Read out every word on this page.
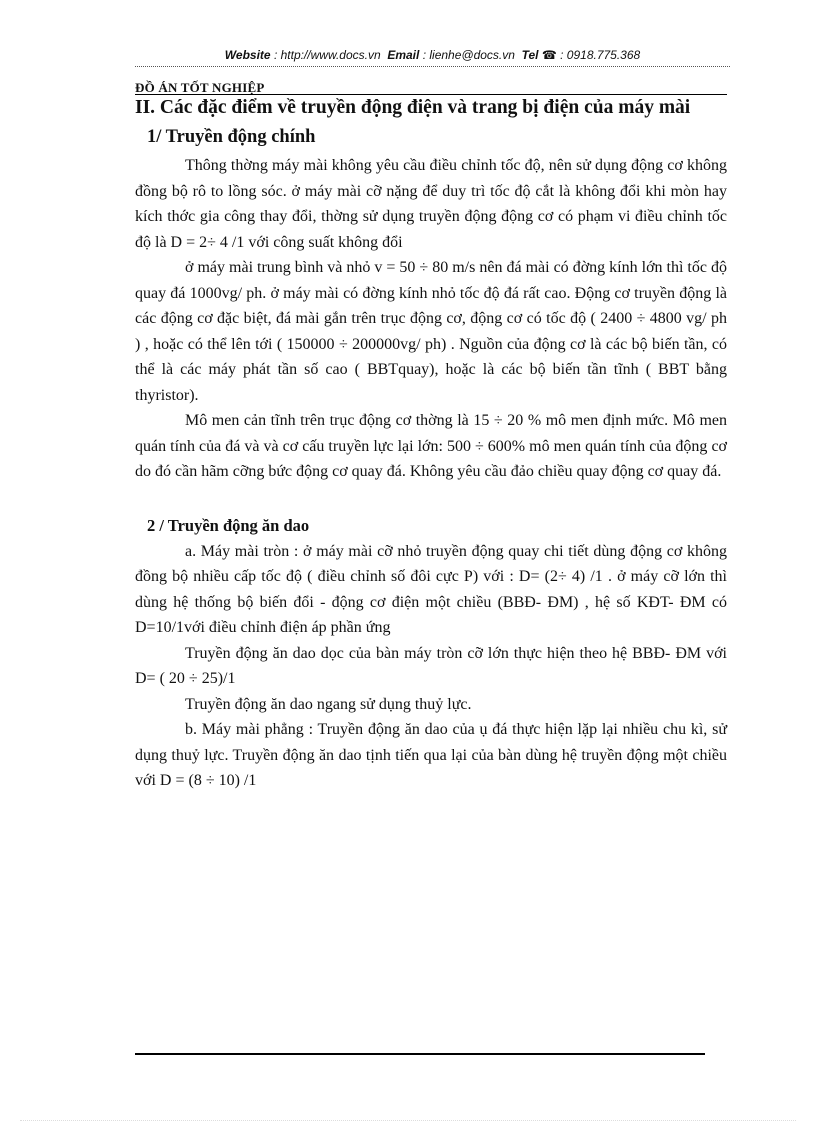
Website : http://www.docs.vn Email : lienhe@docs.vn Tel ☎ : 0918.775.368
ĐỒ ÁN TỐT NGHIỆP
II. Các đặc điểm về truyền động điện và trang bị điện của máy mài
1/ Truyền động chính

Thông thờng máy mài không yêu cầu điều chỉnh tốc độ, nên sử dụng động cơ không đồng bộ rô to lồng sóc. ở máy mài cỡ nặng để duy trì tốc độ cắt là không đổi khi mòn hay kích thớc gia công thay đổi, thờng sử dụng truyền động động cơ có phạm vi điều chỉnh tốc độ là D = 2÷ 4 /1 với công suất không đổi

ở máy mài trung bình và nhỏ v = 50 ÷ 80 m/s nên đá mài có đờng kính lớn thì tốc độ quay đá 1000vg/ ph. ở máy mài có đờng kính nhỏ tốc độ đá rất cao. Động cơ truyền động là các động cơ đặc biệt, đá mài gắn trên trục động cơ, động cơ có tốc độ ( 2400 ÷ 4800 vg/ ph ) , hoặc có thể lên tới ( 150000 ÷ 200000vg/ ph) . Nguồn của động cơ là các bộ biến tần, có thể là các máy phát tần số cao ( BBTquay), hoặc là các bộ biến tần tĩnh ( BBT bằng thyristor).

Mô men cản tĩnh trên trục động cơ thờng là 15 ÷ 20 % mô men định mức. Mô men quán tính của đá và và cơ cấu truyền lực lại lớn: 500 ÷ 600% mô men quán tính của động cơ do đó cần hãm cỡng bức động cơ quay đá. Không yêu cầu đảo chiều quay động cơ quay đá.

2 / Truyền động ăn dao

a. Máy mài tròn : ở máy mài cỡ nhỏ truyền động quay chi tiết dùng động cơ không đồng bộ nhiều cấp tốc độ ( điều chỉnh số đôi cực P) với : D= (2÷ 4) /1 . ở máy cỡ lớn thì dùng hệ thống bộ biến đổi - động cơ điện một chiều (BBĐ- ĐM) , hệ số KĐT- ĐM có D=10/1với điều chỉnh điện áp phần ứng

Truyền động ăn dao dọc của bàn máy tròn cỡ lớn thực hiện theo hệ BBĐ- ĐM với D= ( 20 ÷ 25)/1

Truyền động ăn dao ngang sử dụng thuỷ lực.

b. Máy mài phẳng : Truyền động ăn dao của ụ đá thực hiện lặp lại nhiều chu kì, sử dụng thuỷ lực. Truyền động ăn dao tịnh tiến qua lại của bàn dùng hệ truyền động một chiều với D = (8 ÷ 10) /1
